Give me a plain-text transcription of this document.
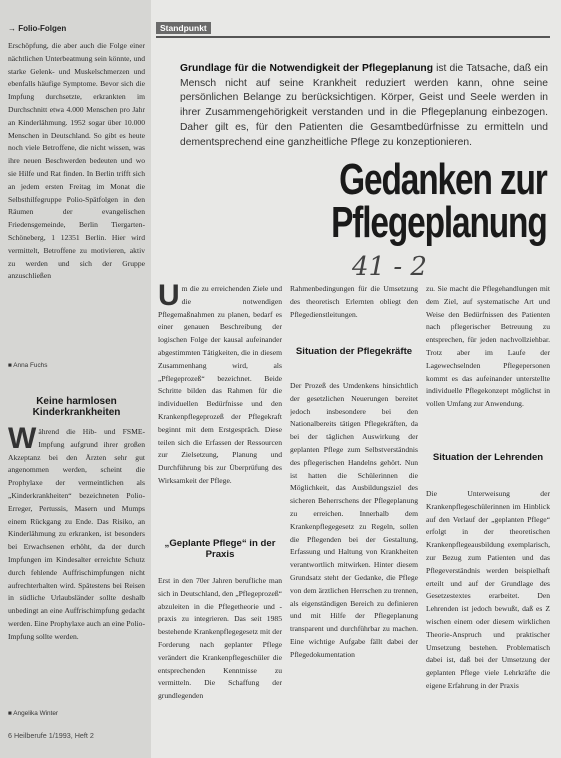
→ Folio-Folgen
Erschöpfung, die aber auch die Folge einer nächtlichen Unterbeatmung sein könnte, und starke Gelenk- und Muskelschmerzen und ebenfalls häufige Symptome. Bevor sich die Impfung durchsetzte, erkrankten im Durchschnitt etwa 4.000 Menschen pro Jahr an Kinderlähmung. 1952 sogar über 10.000 Menschen in Deutschland. So gibt es heute noch viele Betroffene, die nicht wissen, was ihre neuen Beschwerden bedeuten und wo sie Hilfe und Rat finden. In Berlin trifft sich an jedem ersten Freitag im Monat die Selbsthilfegruppe Polio-Spätfolgen in den Räumen der evangelischen Friedensgemeinde, Berlin Tiergarten-Schöneberg, 1 12351 Berlin. Hier wird vermittelt, Betroffene zu motivieren, aktiv zu werden und sich der Gruppe anzuschließen
■ Anna Fuchs
Keine harmlosen Kinderkrankheiten
Während die Hib- und FSME-Impfung aufgrund ihrer großen Akzeptanz bei den Ärzten sehr gut angenommen werden, scheint die Prophylaxe der vermeintlichen als „Kinderkrankheiten“ bezeichneten Polio-Erreger, Pertussis, Masern und Mumps einem Rückgang zu Ende. Das Risiko, an Kinderlähmung zu erkranken, ist besonders bei Erwachsenen erhöht, da der durch Impfungen im Kindesalter erreichte Schutz durch fehlende Auffrischimpfungen nicht aufrechterhalten wird. Spätestens bei Reisen in südliche Urlaubsländer sollte deshalb unbedingt an eine Auffrischimpfung gedacht werden. Eine Prophylaxe auch an eine Polio-Impfung sollte werden.
■ Angelika Winter
Standpunkt
Grundlage für die Notwendigkeit der Pflegeplanung ist die Tatsache, daß ein Mensch nicht auf seine Krankheit reduziert werden kann, ohne seine persönlichen Belange zu berücksichtigen. Körper, Geist und Seele werden in ihrer Zusammengehörigkeit verstanden und in die Pflegeplanung einbezogen. Daher gilt es, für den Patienten die Gesamtbedürfnisse zu ermitteln und dementsprechend eine ganzheitliche Pflege zu konzeptionieren.
Gedanken zur
Pflegeplanung
41 - 2
Um die zu erreichenden Ziele und die notwendigen Pflegemaßnahmen zu planen, bedarf es einer genauen Beschreibung der logischen Folge der kausal aufeinander abgestimmten Tätigkeiten, die in diesem Zusammenhang wird, als „Pflegeprozeß“ bezeichnet. Beide Schritte bilden das Rahmen für die individuellen Bedürfnisse und den Krankenpflegeprozeß der Pflegekraft beginnt mit dem Erstgespräch. Diese teilen sich die Erfassen der Ressourcen zur Zielsetzung, Planung und Durchführung bis zur Überprüfung des Wirksamkeit der Pflege.
„Geplante Pflege“ in der Praxis
Erst in den 70er Jahren berufliche man sich in Deutschland, den „Pflegeprozeß“ abzuleiten in die Pflegetheorie und -praxis zu integrieren. Das seit 1985 bestehende Krankenpflegegesetz mit der Forderung nach geplanter Pflege verändert die Krankenpflegeschüler die entsprechenden Kenntnisse zu vermitteln. Die Schaffung der grundlegenden
Rahmenbedingungen für die Umsetzung des theoretisch Erlernten obliegt den Pflegedienstleitungen.
Situation der Pflegekräfte
Der Prozeß des Umdenkens hinsichtlich der gesetzlichen Neuerungen bereitet jedoch insbesondere bei den Nationalbereits tätigen Pflegekräften, da bei der täglichen Auswirkung der geplanten Pflege zum Selbstverständnis des pflegerischen Handelns gehört. Nun ist hatten die Schülerinnen die Möglichkeit, das Ausbildungsziel des sicheren Beherrschens der Pflegeplanung zu erreichen. Innerhalb dem Krankenpflegegesetz zu Regeln, sollen die Pflegenden bei der Gestaltung, Erfassung und Haltung von Krankheiten verantwortlich mitwirken. Hinter diesem Grundsatz steht der Gedanke, die Pflege von dem ärztlichen Herrschen zu trennen, als eigenständigen Bereich zu definieren und mit Hilfe der Pflegeplanung transparent und durchführbar zu machen. Eine wichtige Aufgabe fällt dabei der Pflegedokumentation
zu. Sie macht die Pflegehandlungen mit dem Ziel, auf systematische Art und Weise den Bedürfnissen des Patienten nach pflegerischer Betreuung zu entsprechen, für jeden nachvollziehbar. Trotz aber im Laufe der Lagewechselnden Pflegepersonen kommt es das aufeinander unterstellte individuelle Pflegekonzept möglichst in vollen Umfang zur Anwendung.
Situation der Lehrenden
Die Unterweisung der Krankenpflegeschülerinnen im Hinblick auf den Verlauf der „geplanten Pflege“ erfolgt in der theoretischen Krankenpflegeausbildung exemplarisch, zur Bezug zum Patienten und das Pflegeverständnis werden beispielhaft erteilt und auf der Grundlage des Gesetzestextes erarbeitet. Den Lehrenden ist jedoch bewußt, daß es Z wischen einem oder diesem wirklichen Theorie-Anspruch und praktischer Umsetzung bestehen. Problematisch dabei ist, daß bei der Umsetzung der geplanten Pflege viele Lehrkräfte die eigene Erfahrung in der Praxis
6 Heilberufe 1/1993, Heft 2
